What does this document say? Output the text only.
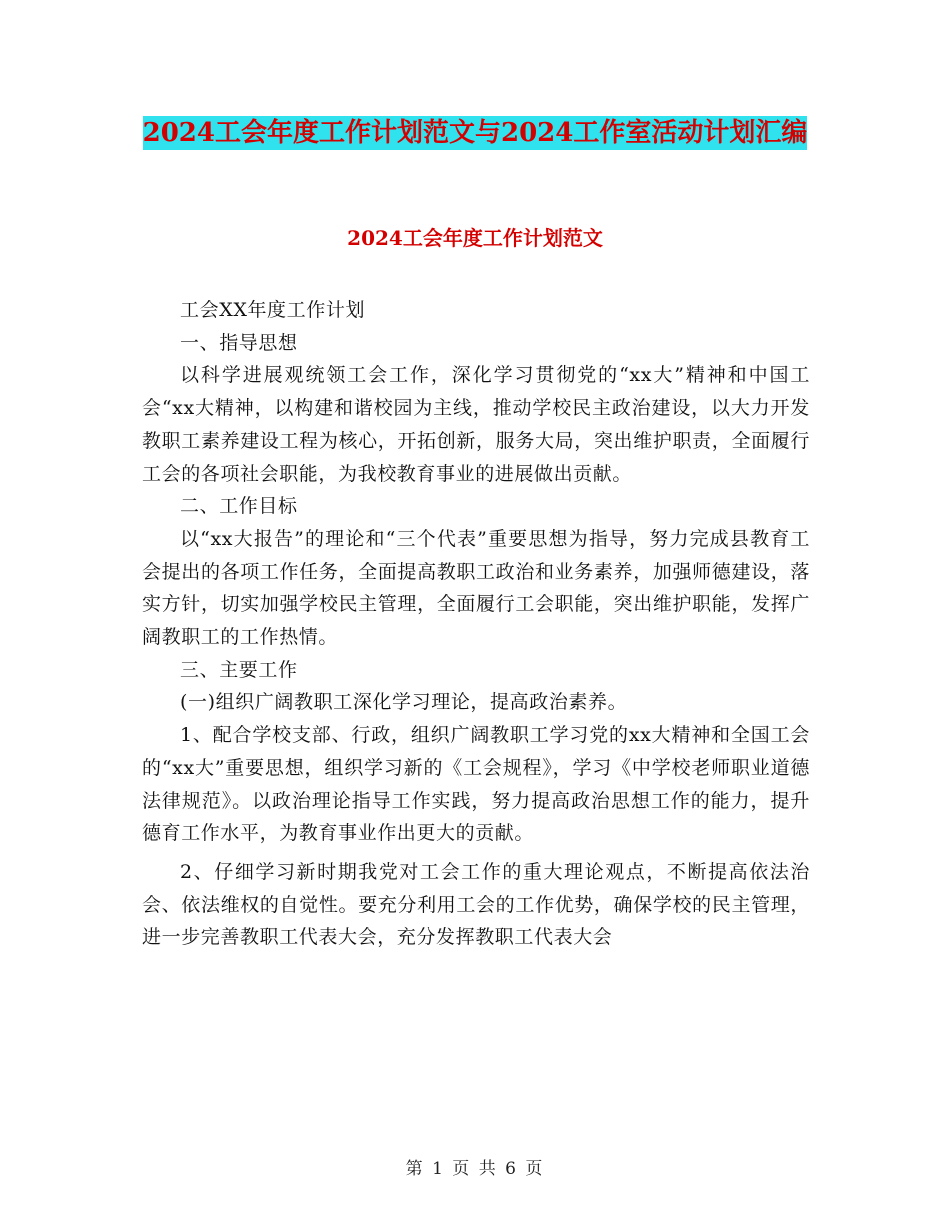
2024工会年度工作计划范文与2024工作室活动计划汇编
2024工会年度工作计划范文

工会XX年度工作计划

一、指导思想

以科学进展观统领工会工作，深化学习贯彻党的“xx大”精神和中国工会“xx大精神，以构建和谐校园为主线，推动学校民主政治建设，以大力开发教职工素养建设工程为核心，开拓创新，服务大局，突出维护职责，全面履行工会的各项社会职能，为我校教育事业的进展做出贡献。

二、工作目标

以“xx大报告”的理论和“三个代表”重要思想为指导，努力完成县教育工会提出的各项工作任务，全面提高教职工政治和业务素养，加强师德建设，落实方针，切实加强学校民主管理，全面履行工会职能，突出维护职能，发挥广阔教职工的工作热情。

三、主要工作

(一)组织广阔教职工深化学习理论，提高政治素养。

1、配合学校支部、行政，组织广阔教职工学习党的xx大精神和全国工会的“xx大”重要思想，组织学习新的《工会规程》，学习《中学校老师职业道德法律规范》。以政治理论指导工作实践，努力提高政治思想工作的能力，提升德育工作水平，为教育事业作出更大的贡献。

2、仔细学习新时期我党对工会工作的重大理论观点，不断提高依法治会、依法维权的自觉性。要充分利用工会的工作优势，确保学校的民主管理，进一步完善教职工代表大会，充分发挥教职工代表大会

第 1 页 共 6 页
